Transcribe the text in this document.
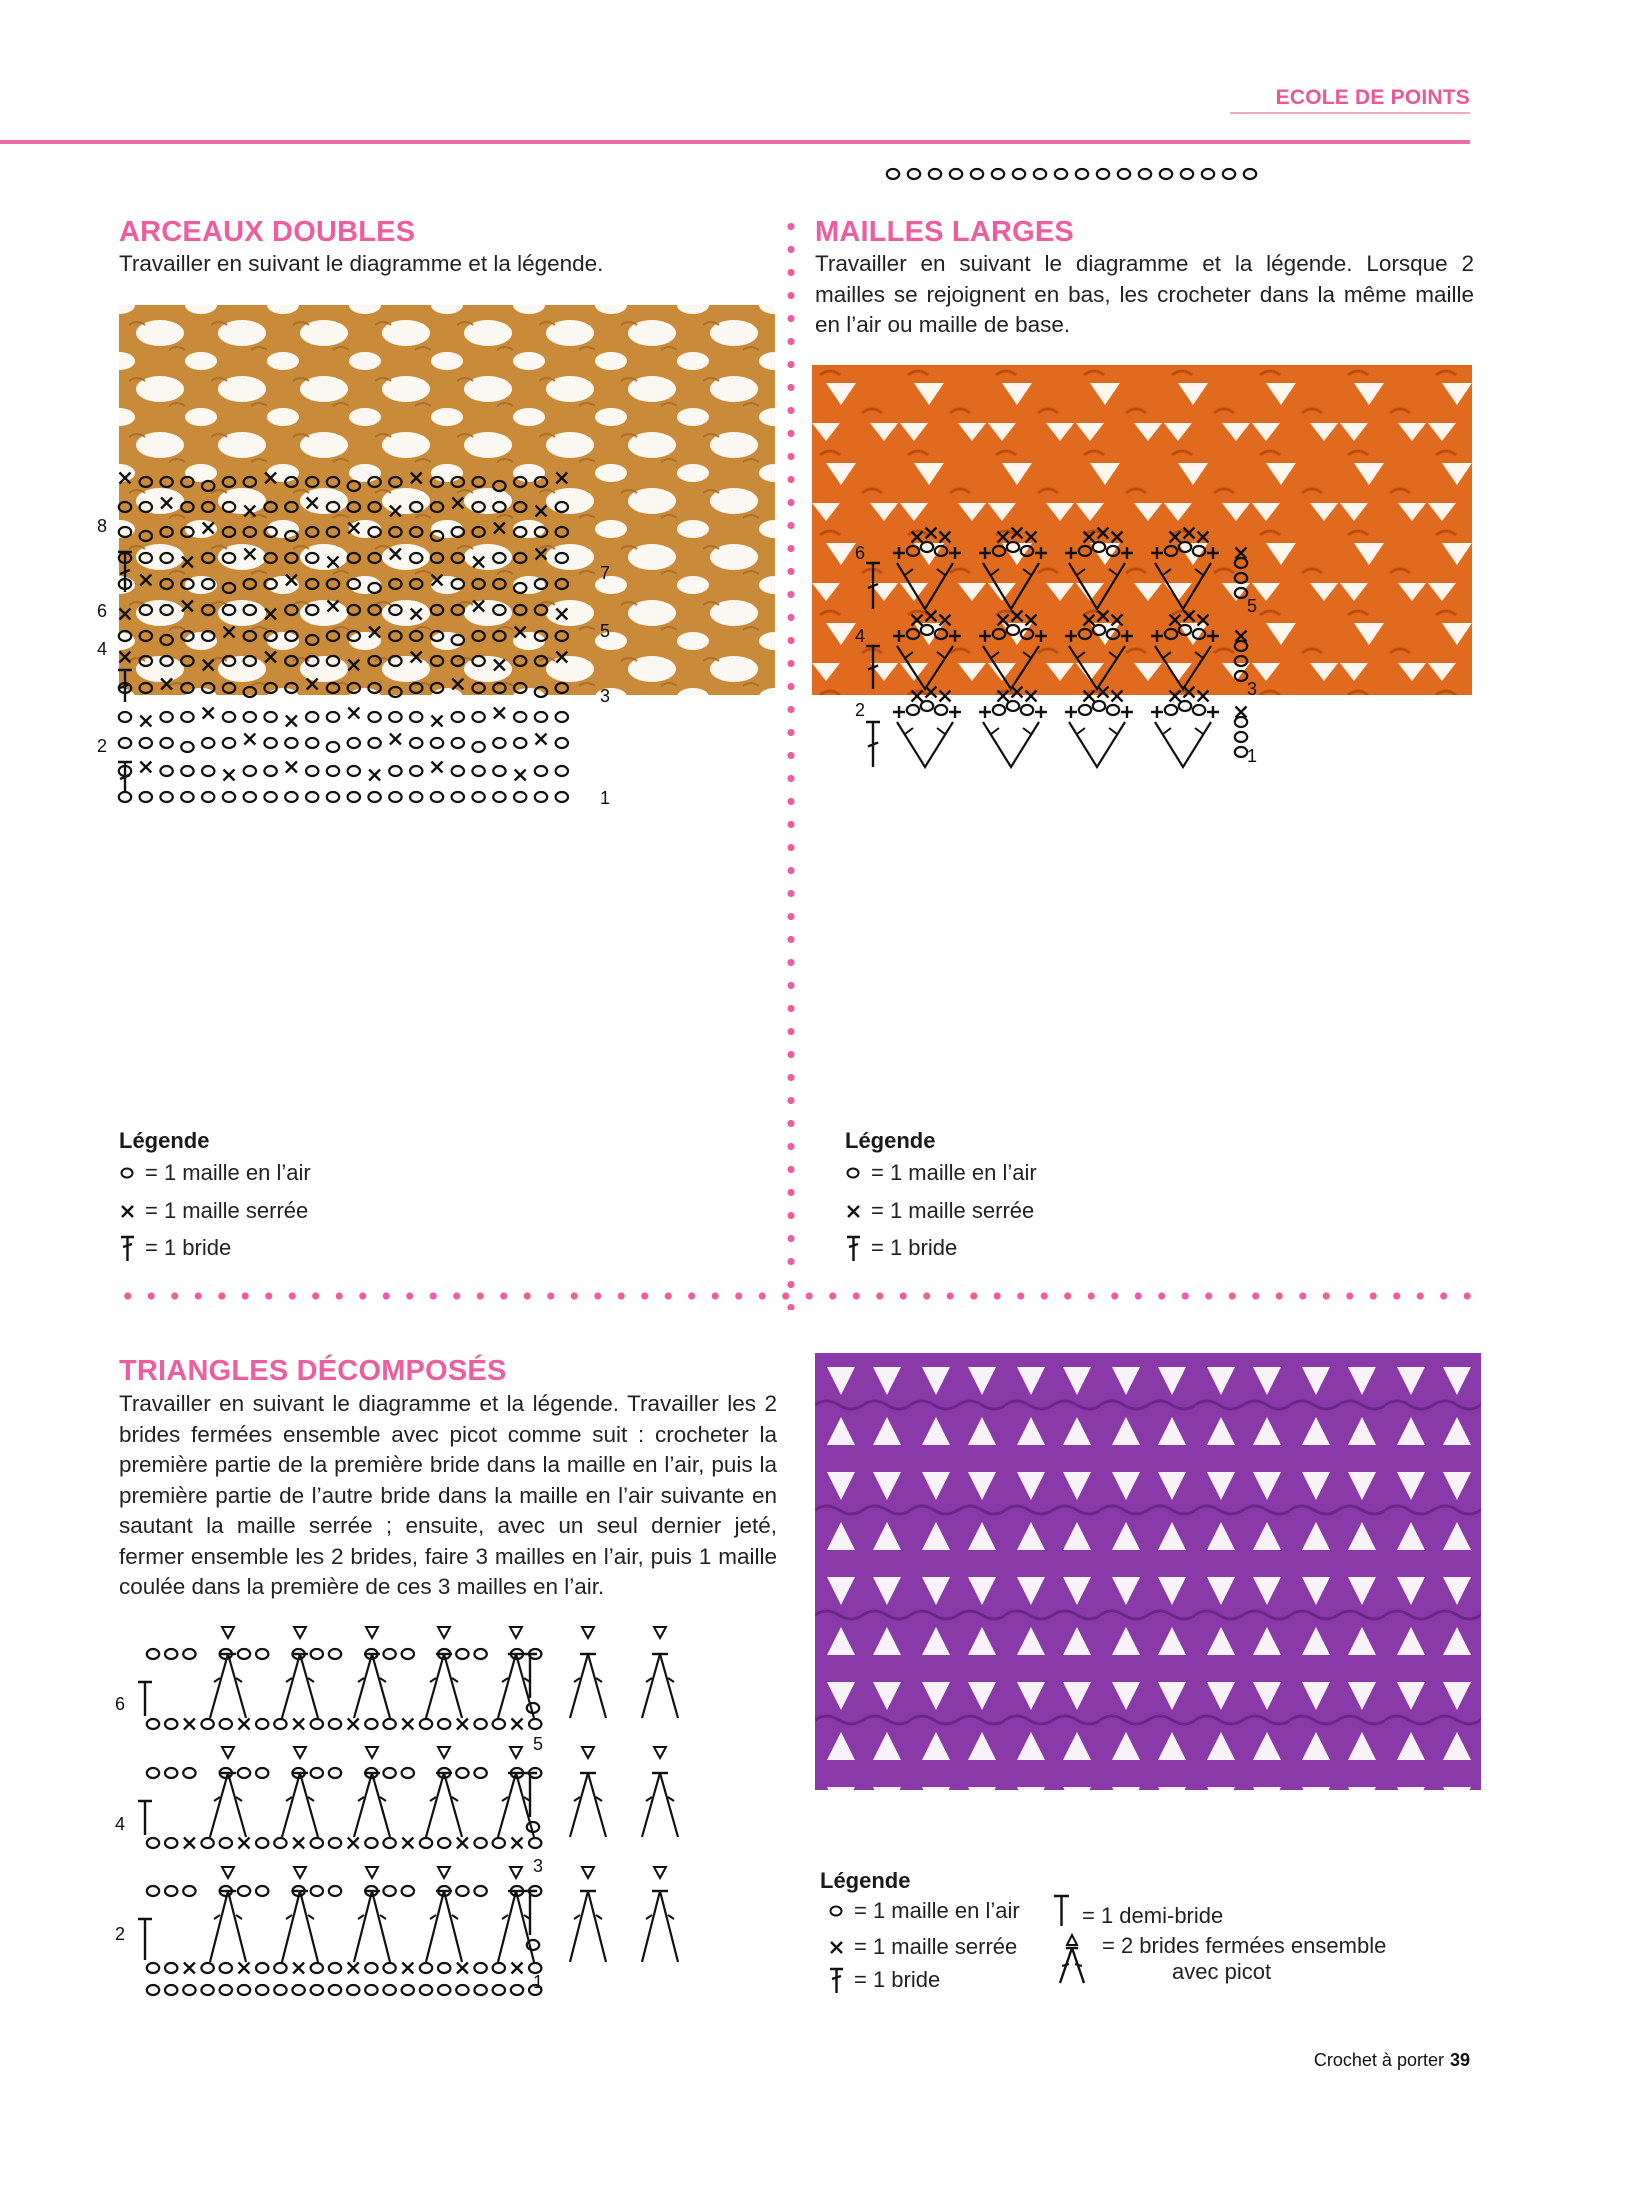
ECOLE DE POINTS
ARCEAUX DOUBLES
Travailler en suivant le diagramme et la légende.
2
4
6
8
1
3
5
7
Légende
= 1 maille en l’air
= 1 maille serrée
= 1 bride
MAILLES LARGES
Travailler en suivant le diagramme et la légende. Lorsque 2 mailles se rejoignent en bas, les crocheter dans la même maille en l’air ou maille de base.
2
4
6
1
3
5
Légende
= 1 maille en l’air
= 1 maille serrée
= 1 bride
TRIANGLES DÉCOMPOSÉS
Travailler en suivant le diagramme et la légende. Travailler les 2 brides fermées ensemble avec picot comme suit : crocheter la première partie de la première bride dans la maille en l’air, puis la première partie de l’autre bride dans la maille en l’air suivante en sautant la maille serrée ; ensuite, avec un seul dernier jeté, fermer ensemble les 2 brides, faire 3 mailles en l’air, puis 1 maille coulée dans la première de ces 3 mailles en l’air.
2
4
6
1
3
5
Légende
= 1 maille en l’air
= 1 maille serrée
= 1 bride
= 1 demi-bride
= 2 brides fermées ensemble
avec picot
Crochet à porter 39
